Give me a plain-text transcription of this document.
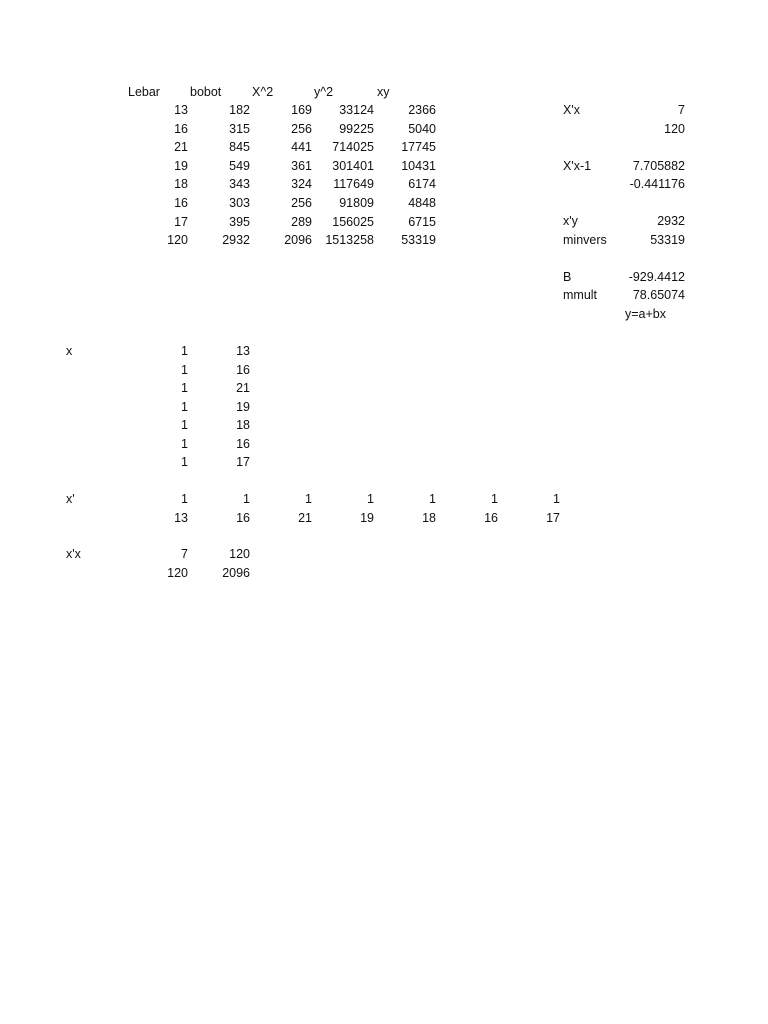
Lebar	bobot	X^2	y^2	xy
13	182	169	33124	2366
16	315	256	99225	5040
21	845	441	714025	17745
19	549	361	301401	10431
18	343	324	117649	6174
16	303	256	91809	4848
17	395	289	156025	6715
120	2932	2096	1513258	53319
X'x	7
120
X'x-1	7.705882
-0.441176
x'y	2932
minvers	53319
B	-929.4412
mmult	78.65074
y=a+bx
x	1	13
1	16
1	21
1	19
1	18
1	16
1	17
x'	1	1	1	1	1	1	1
13	16	21	19	18	16	17
x'x	7	120
120	2096
